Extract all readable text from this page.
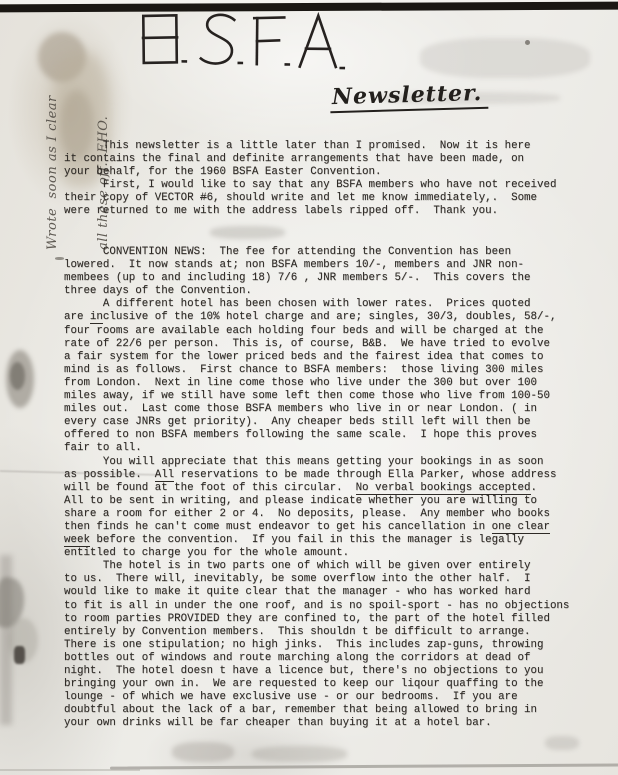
Newsletter.

Wrote  soon as I clear

	all these off.  EHO.

This newsletter is a little later than I promised.  Now it is here
it contains the final and definite arrangements that have been made, on
your behalf, for the 1960 BSFA Easter Convention.
First, I would like to say that any BSFA members who have not received
their copy of VECTOR #6, should write and let me know immediately,.  Some
were returned to me with the address labels ripped off.  Thank you.
CONVENTION NEWS:  The fee for attending the Convention has been
lowered.  It now stands at; non BSFA members 10/-, members and JNR non-
membees (up to and including 18) 7/6 , JNR members 5/-.  This covers the
three days of the Convention.
A different hotel has been chosen with lower rates.  Prices quoted
are inclusive of the 10% hotel charge and are; singles, 30/3, doubles, 58/-,
four rooms are available each holding four beds and will be charged at the
rate of 22/6 per person.  This is, of course, B&B.  We have tried to evolve
a fair system for the lower priced beds and the fairest idea that comes to
mind is as follows.  First chance to BSFA members:  those living 300 miles
from London.  Next in line come those who live under the 300 but over 100
miles away, if we still have some left then come those who live from 100-50
miles out.  Last come those BSFA members who live in or near London. ( in
every case JNRs get priority).  Any cheaper beds still left will then be
offered to non BSFA members following the same scale.  I hope this proves
fair to all.
You will appreciate that this means getting your bookings in as soon
as possible.  All reservations to be made through Ella Parker, whose address
will be found at the foot of this circular.  No verbal bookings accepted.
All to be sent in writing, and please indicate whether you are willing to
share a room for either 2 or 4.  No deposits, please.  Any member who books
then finds he can't come must endeavor to get his cancellation in one clear
week before the convention.  If you fail in this the manager is legally
entitled to charge you for the whole amount.
The hotel is in two parts one of which will be given over entirely
to us.  There will, inevitably, be some overflow into the other half.  I
would like to make it quite clear that the manager - who has worked hard
to fit is all in under the one roof, and is no spoil-sport - has no objections
to room parties PROVIDED they are confined to, the part of the hotel filled
entirely by Convention members.  This shouldn t be difficult to arrange.
There is one stipulation; no high jinks.  This includes zap-guns, throwing
bottles out of windows and route marching along the corridors at dead of
night.  The hotel doesn t have a licence but, there's no objections to you
bringing your own in.  We are requested to keep our liqour quaffing to the
lounge - of which we have exclusive use - or our bedrooms.  If you are
doubtful about the lack of a bar, remember that being allowed to bring in
your own drinks will be far cheaper than buying it at a hotel bar.
